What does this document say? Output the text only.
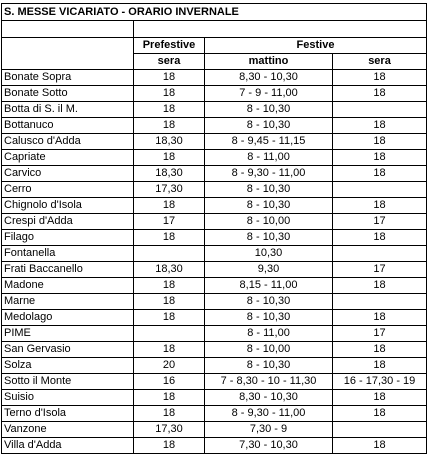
S. MESSE VICARIATO - ORARIO INVERNALE			

	Prefestive	Festive	
	sera	mattino	sera
Bonate Sopra	18	8,30 - 10,30	18
Bonate Sotto	18	7 - 9 - 11,00	18
Botta di S. il M.	18	8 - 10,30	
Bottanuco	18	8 - 10,30	18
Calusco d'Adda	18,30	8 - 9,45 - 11,15	18
Capriate	18	8 - 11,00	18
Carvico	18,30	8 - 9,30 - 11,00	18
Cerro	17,30	8 - 10,30	
Chignolo d'Isola	18	8 - 10,30	18
Crespi d'Adda	17	8 - 10,00	17
Filago	18	8 - 10,30	18
Fontanella		10,30	
Frati Baccanello	18,30	9,30	17
Madone	18	8,15 - 11,00	18
Marne	18	8 - 10,30	
Medolago	18	8 - 10,30	18
PIME		8 - 11,00	17
San Gervasio	18	8 - 10,00	18
Solza	20	8 - 10,30	18
Sotto il Monte	16	7 - 8,30 - 10 - 11,30	16 - 17,30 - 19
Suisio	18	8,30 - 10,30	18
Terno d'Isola	18	8 - 9,30 - 11,00	18
Vanzone	17,30	7,30 - 9	
Villa d'Adda	18	7,30 - 10,30	18
